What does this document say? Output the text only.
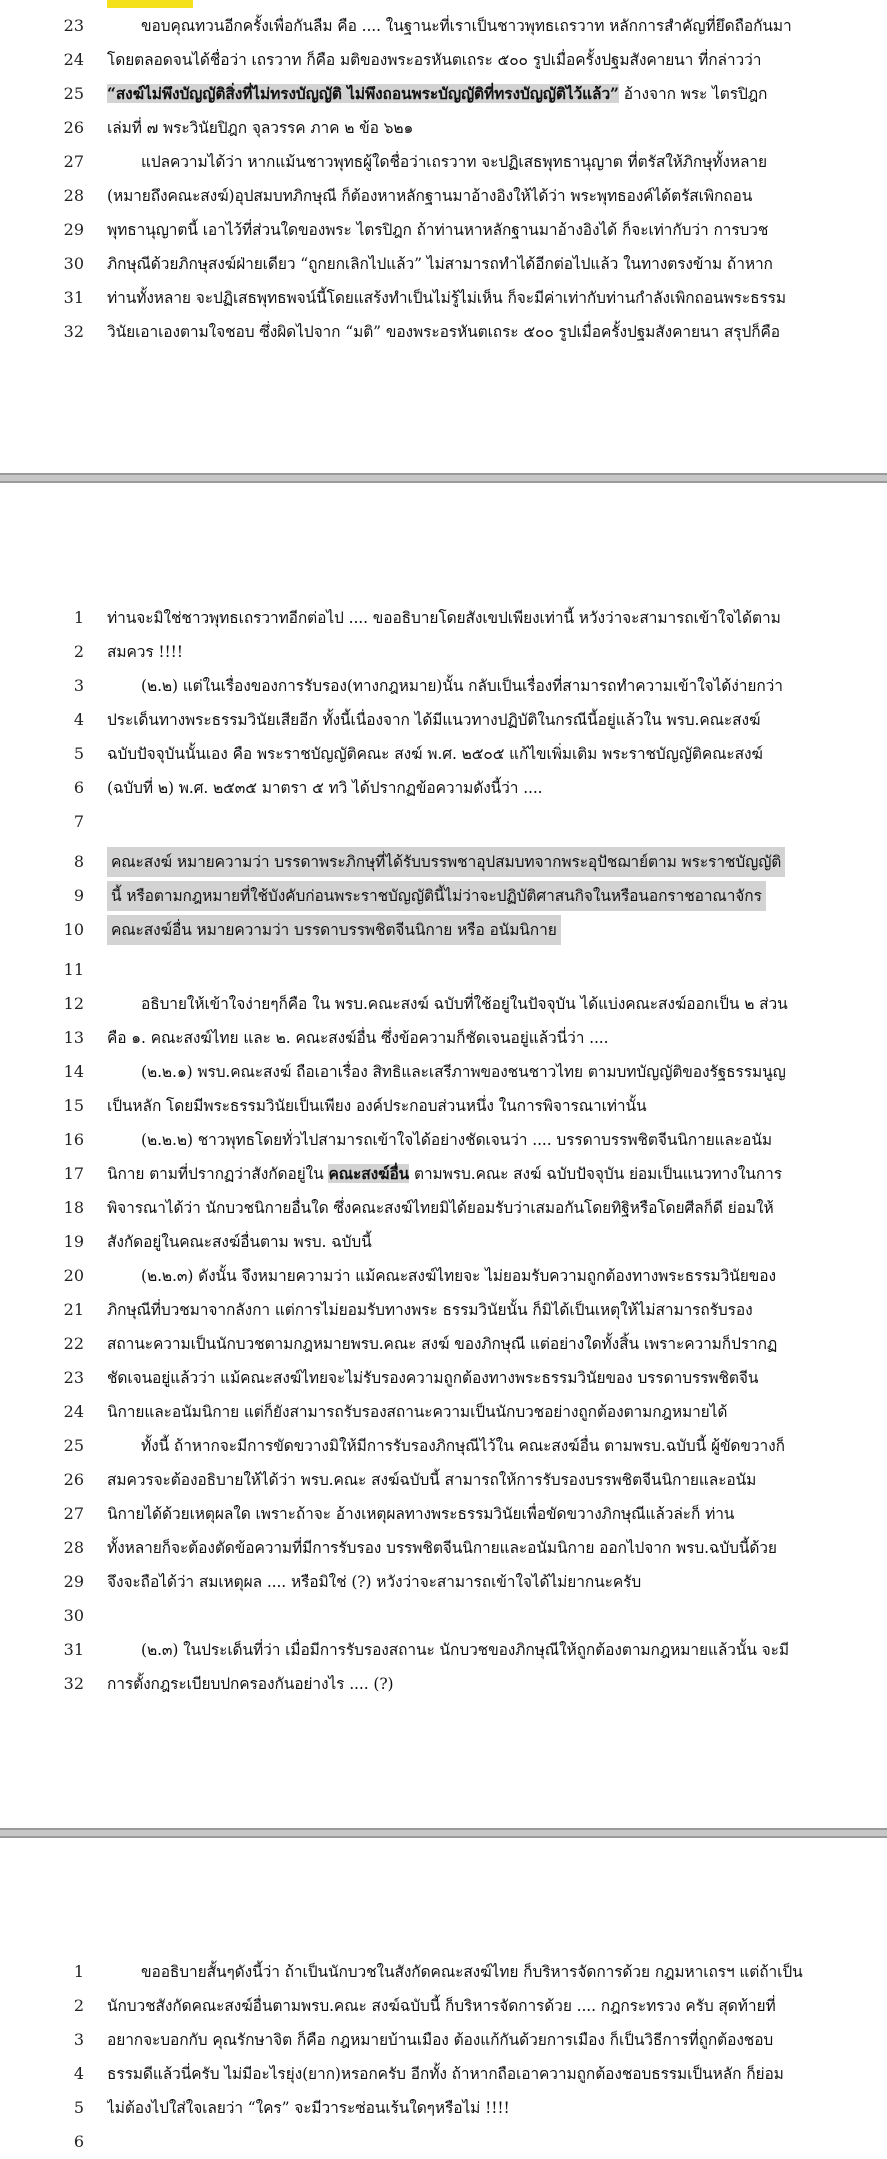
23	ขอบคุณทวนอีกครั้งเพื่อกันลืม คือ .... ในฐานะที่เราเป็นชาวพุทธเถรวาท หลักการสำคัญที่ยึดถือกันมา
24 โดยตลอดจนได้ชื่อว่า เถรวาท ก็คือ มติของพระอรหันตเถระ ๕๐๐ รูปเมื่อครั้งปฐมสังคายนา ที่กล่าวว่า
25 “สงฆ์ไม่พึงบัญญัติสิ่งที่ไม่ทรงบัญญัติ ไม่พึงถอนพระบัญญัติที่ทรงบัญญัติไว้แล้ว” อ้างจาก พระ ไตรปิฎก
26 เล่มที่ ๗ พระวินัยปิฎก จุลวรรค ภาค ๒ ข้อ ๖๒๑
27	แปลความได้ว่า หากแม้นชาวพุทธผู้ใดชื่อว่าเถรวาท จะปฏิเสธพุทธานุญาต ที่ตรัสให้ภิกษุทั้งหลาย
28 (หมายถึงคณะสงฆ์)อุปสมบทภิกษุณี ก็ต้องหาหลักฐานมาอ้างอิงให้ได้ว่า พระพุทธองค์ได้ตรัสเพิกถอน
29 พุทธานุญาตนี้ เอาไว้ที่ส่วนใดของพระ ไตรปิฎก ถ้าท่านหาหลักฐานมาอ้างอิงได้ ก็จะเท่ากับว่า การบวช
30 ภิกษุณีด้วยภิกษุสงฆ์ฝ่ายเดียว “ถูกยกเลิกไปแล้ว” ไม่สามารถทำได้อีกต่อไปแล้ว ในทางตรงข้าม ถ้าหาก
31 ท่านทั้งหลาย จะปฏิเสธพุทธพจน์นี้โดยแสร้งทำเป็นไม่รู้ไม่เห็น ก็จะมีค่าเท่ากับท่านกำลังเพิกถอนพระธรรม
32 วินัยเอาเองตามใจชอบ ซึ่งผิดไปจาก “มติ” ของพระอรหันตเถระ ๕๐๐ รูปเมื่อครั้งปฐมสังคายนา สรุปก็คือ
1 ท่านจะมิใช่ชาวพุทธเถรวาทอีกต่อไป .... ขออธิบายโดยสังเขปเพียงเท่านี้ หวังว่าจะสามารถเข้าใจได้ตาม
2 สมควร !!!!
3	(๒.๒) แต่ในเรื่องของการรับรอง(ทางกฎหมาย)นั้น กลับเป็นเรื่องที่สามารถทำความเข้าใจได้ง่ายกว่า
4 ประเด็นทางพระธรรมวินัยเสียอีก ทั้งนี้เนื่องจาก ได้มีแนวทางปฏิบัติในกรณีนี้อยู่แล้วใน พรบ.คณะสงฆ์
5 ฉบับปัจจุบันนั้นเอง คือ พระราชบัญญัติคณะ สงฆ์ พ.ศ. ๒๕๐๕ แก้ไขเพิ่มเติม พระราชบัญญัติคณะสงฆ์
6 (ฉบับที่ ๒) พ.ศ. ๒๕๓๕ มาตรา ๕ ทวิ ได้ปรากฏข้อความดังนี้ว่า ....
7
8 คณะสงฆ์ หมายความว่า บรรดาพระภิกษุที่ได้รับบรรพชาอุปสมบทจากพระอุปัชฌาย์ตาม พระราชบัญญัติ
9 นี้ หรือตามกฎหมายที่ใช้บังคับก่อนพระราชบัญญัตินี้ไม่ว่าจะปฏิบัติศาสนกิจในหรือนอกราชอาณาจักร
10 คณะสงฆ์อื่น หมายความว่า บรรดาบรรพชิตจีนนิกาย หรือ อนัมนิกาย
11
12	อธิบายให้เข้าใจง่ายๆก็คือ ใน พรบ.คณะสงฆ์ ฉบับที่ใช้อยู่ในปัจจุบัน ได้แบ่งคณะสงฆ์ออกเป็น ๒ ส่วน
13 คือ ๑. คณะสงฆ์ไทย และ ๒. คณะสงฆ์อื่น ซึ่งข้อความก็ชัดเจนอยู่แล้วนี่ว่า ....
14	(๒.๒.๑) พรบ.คณะสงฆ์ ถือเอาเรื่อง สิทธิและเสรีภาพของชนชาวไทย ตามบทบัญญัติของรัฐธรรมนูญ
15 เป็นหลัก โดยมีพระธรรมวินัยเป็นเพียง องค์ประกอบส่วนหนึ่ง ในการพิจารณาเท่านั้น
16	(๒.๒.๒) ชาวพุทธโดยทั่วไปสามารถเข้าใจได้อย่างชัดเจนว่า .... บรรดาบรรพชิตจีนนิกายและอนัม
17 นิกาย ตามที่ปรากฏว่าสังกัดอยู่ใน คณะสงฆ์อื่น ตามพรบ.คณะ สงฆ์ ฉบับปัจจุบัน ย่อมเป็นแนวทางในการ
18 พิจารณาได้ว่า นักบวชนิกายอื่นใด ซึ่งคณะสงฆ์ไทยมิได้ยอมรับว่าเสมอกันโดยทิฐิหรือโดยศีลก็ดี ย่อมให้
19 สังกัดอยู่ในคณะสงฆ์อื่นตาม พรบ. ฉบับนี้
20	(๒.๒.๓) ดังนั้น จึงหมายความว่า แม้คณะสงฆ์ไทยจะ ไม่ยอมรับความถูกต้องทางพระธรรมวินัยของ
21 ภิกษุณีที่บวชมาจากลังกา แต่การไม่ยอมรับทางพระ ธรรมวินัยนั้น ก็มิได้เป็นเหตุให้ไม่สามารถรับรอง
22 สถานะความเป็นนักบวชตามกฎหมายพรบ.คณะ สงฆ์ ของภิกษุณี แต่อย่างใดทั้งสิ้น เพราะความก็ปรากฏ
23 ชัดเจนอยู่แล้วว่า แม้คณะสงฆ์ไทยจะไม่รับรองความถูกต้องทางพระธรรมวินัยของ บรรดาบรรพชิตจีน
24 นิกายและอนัมนิกาย แต่ก็ยังสามารถรับรองสถานะความเป็นนักบวชอย่างถูกต้องตามกฎหมายได้
25	ทั้งนี้ ถ้าหากจะมีการขัดขวางมิให้มีการรับรองภิกษุณีไว้ใน คณะสงฆ์อื่น ตามพรบ.ฉบับนี้ ผู้ขัดขวางก็
26 สมควรจะต้องอธิบายให้ได้ว่า พรบ.คณะ สงฆ์ฉบับนี้ สามารถให้การรับรองบรรพชิตจีนนิกายและอนัม
27 นิกายได้ด้วยเหตุผลใด เพราะถ้าจะ อ้างเหตุผลทางพระธรรมวินัยเพื่อขัดขวางภิกษุณีแล้วล่ะก็ ท่าน
28 ทั้งหลายก็จะต้องตัดข้อความที่มีการรับรอง บรรพชิตจีนนิกายและอนัมนิกาย ออกไปจาก พรบ.ฉบับนี้ด้วย
29 จึงจะถือได้ว่า สมเหตุผล .... หรือมิใช่ (?) หวังว่าจะสามารถเข้าใจได้ไม่ยากนะครับ
30
31	(๒.๓) ในประเด็นที่ว่า เมื่อมีการรับรองสถานะ นักบวชของภิกษุณีให้ถูกต้องตามกฎหมายแล้วนั้น จะมี
32 การตั้งกฎระเบียบปกครองกันอย่างไร .... (?)
1	ขออธิบายสั้นๆดังนี้ว่า ถ้าเป็นนักบวชในสังกัดคณะสงฆ์ไทย ก็บริหารจัดการด้วย กฎมหาเถรฯ แต่ถ้าเป็น
2 นักบวชสังกัดคณะสงฆ์อื่นตามพรบ.คณะ สงฆ์ฉบับนี้ ก็บริหารจัดการด้วย .... กฎกระทรวง ครับ สุดท้ายที่
3 อยากจะบอกกับ คุณรักษาจิต ก็คือ กฎหมายบ้านเมือง ต้องแก้กันด้วยการเมือง ก็เป็นวิธีการที่ถูกต้องชอบ
4 ธรรมดีแล้วนี่ครับ ไม่มีอะไรยุ่ง(ยาก)หรอกครับ อีกทั้ง ถ้าหากถือเอาความถูกต้องชอบธรรมเป็นหลัก ก็ย่อม
5 ไม่ต้องไปใส่ใจเลยว่า “ใคร” จะมีวาระซ่อนเร้นใดๆหรือไม่ !!!!
6
